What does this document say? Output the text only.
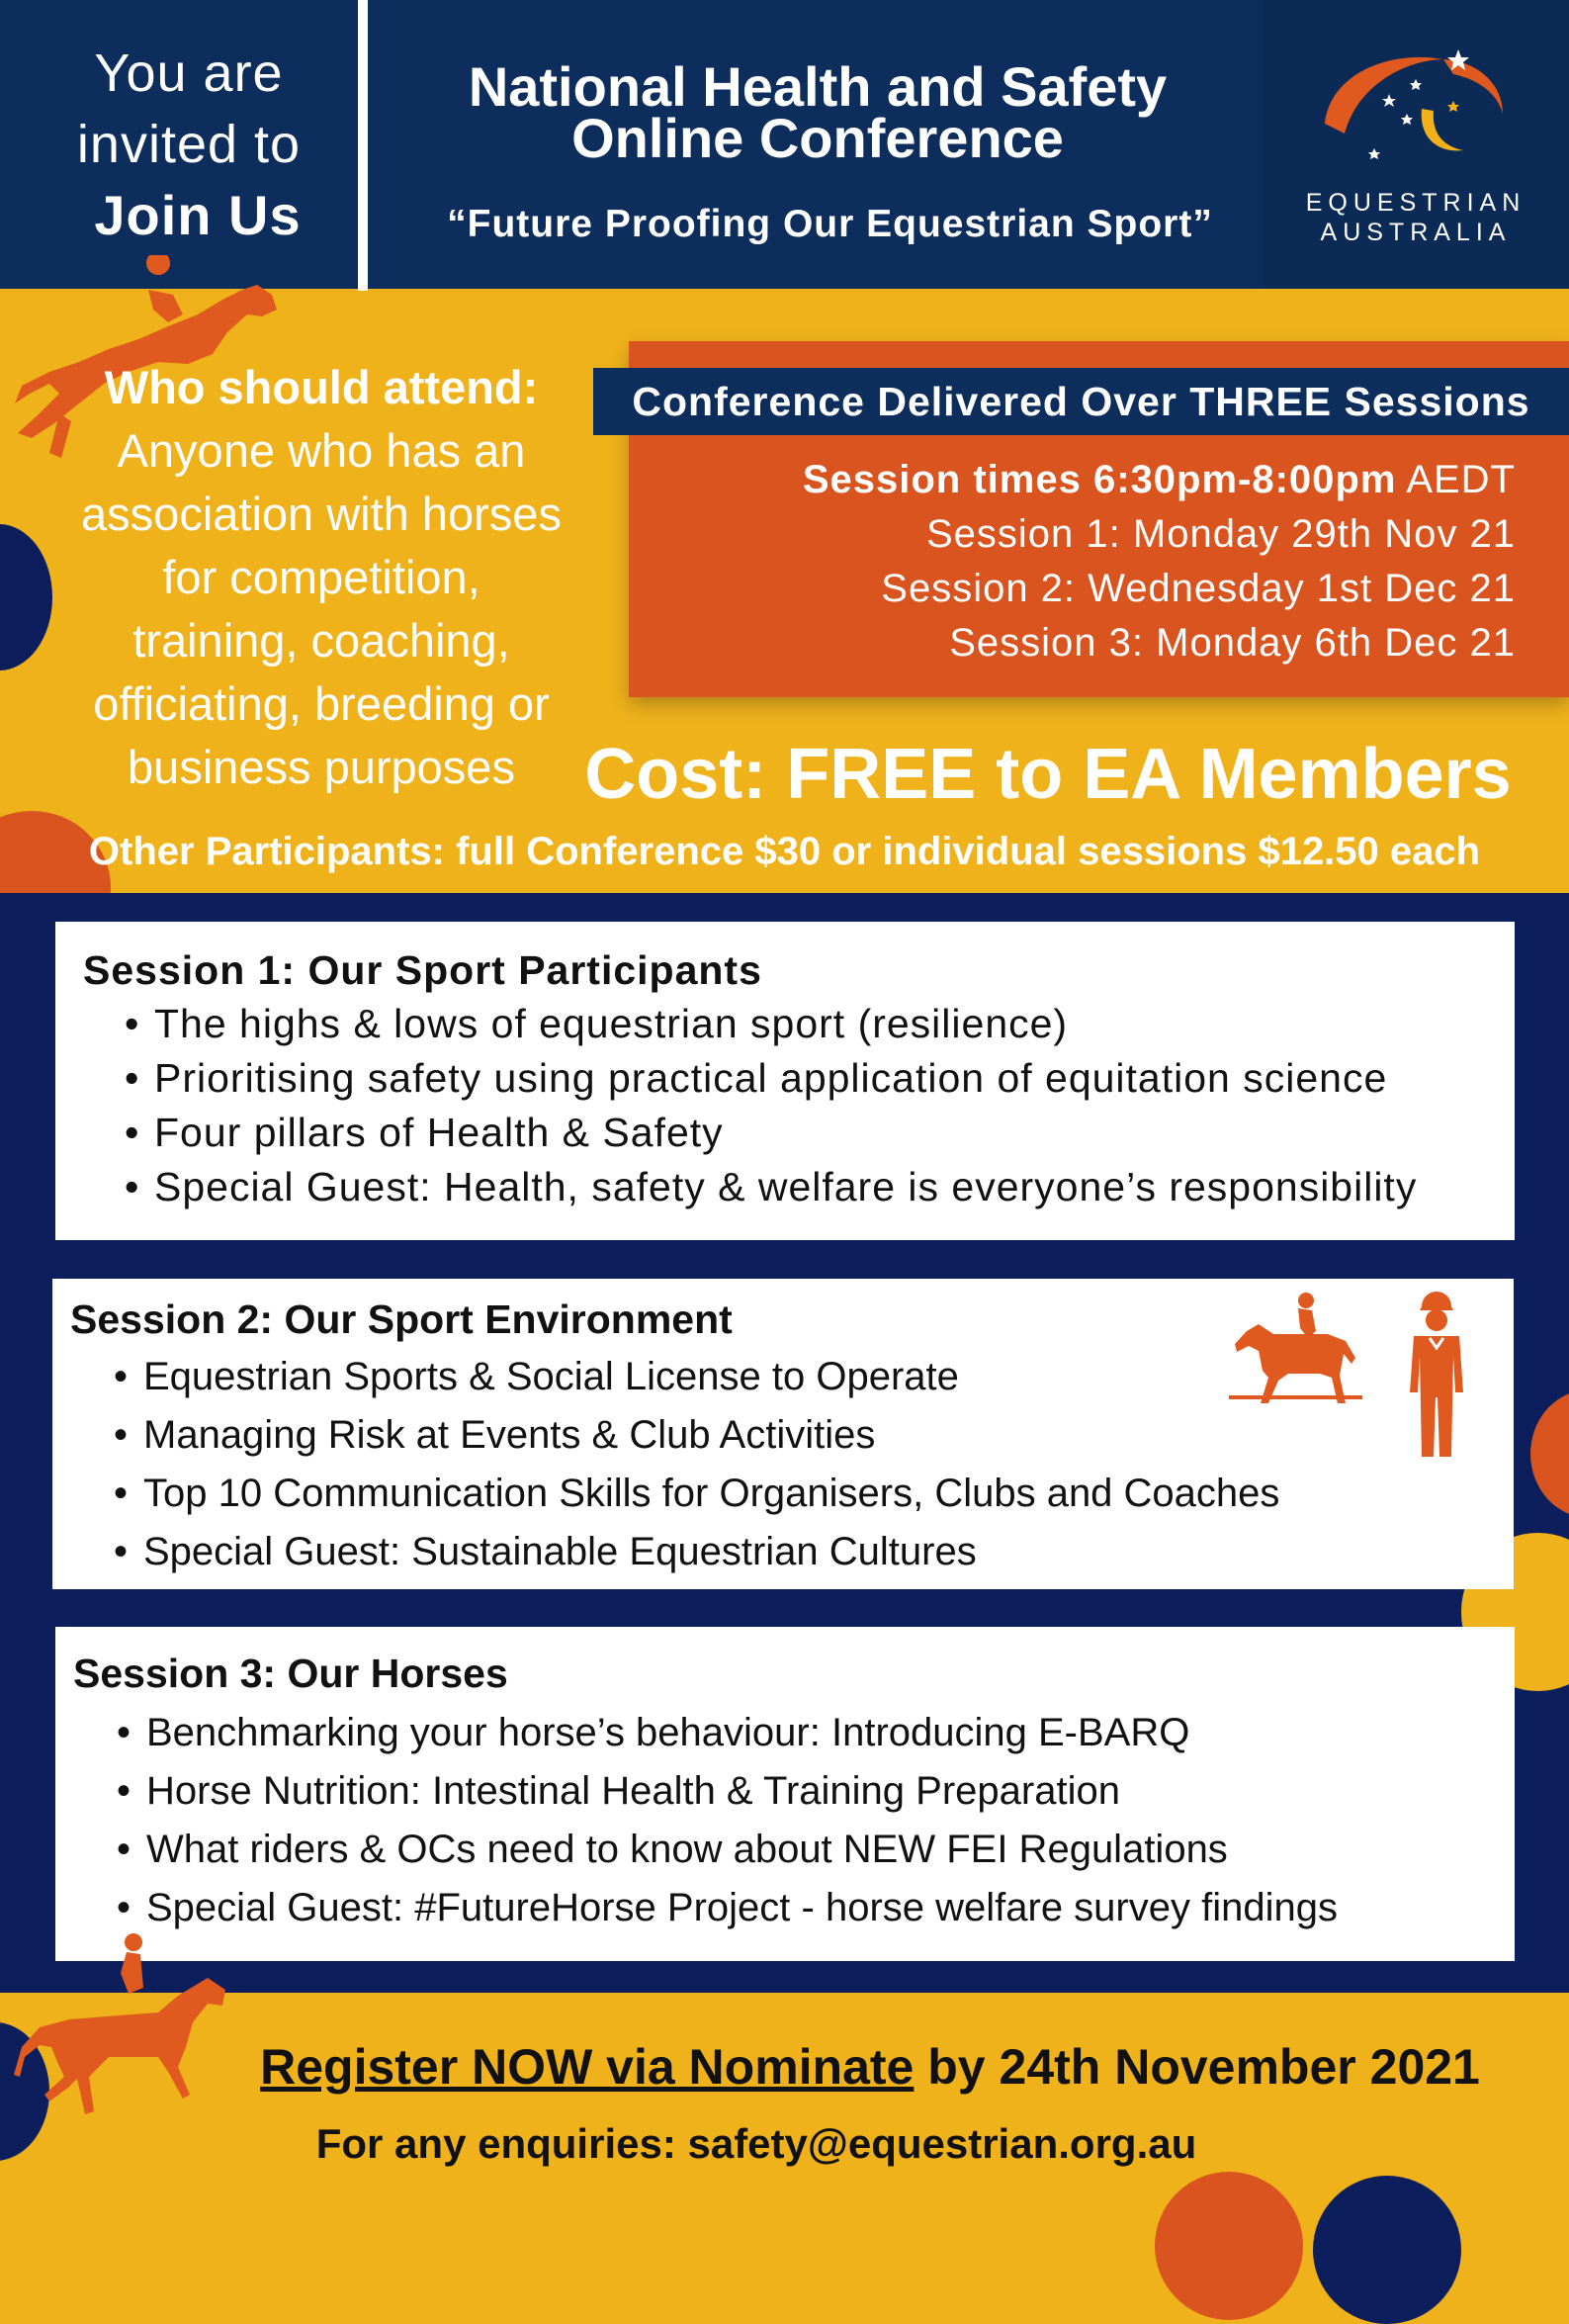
You are
invited to
Join Us
National Health and Safety
Online Conference
“Future Proofing Our Equestrian Sport”	EQUESTRIAN
AUSTRALIA
Who should attend:
Anyone who has an
association with horses
for competition,
training, coaching,
officiating, breeding or
business purposes
Conference Delivered Over THREE Sessions
Session times 6:30pm-8:00pm AEDT
Session 1: Monday 29th Nov 21
Session 2: Wednesday 1st Dec 21
Session 3: Monday 6th Dec 21
Cost: FREE to EA Members
Other Participants: full Conference $30 or individual sessions $12.50 each
Session 1: Our Sport Participants
• The highs & lows of equestrian sport (resilience)
• Prioritising safety using practical application of equitation science
• Four pillars of Health & Safety
• Special Guest: Health, safety & welfare is everyone’s responsibility
Session 2: Our Sport Environment
• Equestrian Sports & Social License to Operate
• Managing Risk at Events & Club Activities
• Top 10 Communication Skills for Organisers, Clubs and Coaches
• Special Guest: Sustainable Equestrian Cultures
Session 3: Our Horses
• Benchmarking your horse’s behaviour: Introducing E-BARQ
• Horse Nutrition: Intestinal Health & Training Preparation
• What riders & OCs need to know about NEW FEI Regulations
• Special Guest: #FutureHorse Project - horse welfare survey findings
Register NOW via Nominate by 24th November 2021
For any enquiries: safety@equestrian.org.au
